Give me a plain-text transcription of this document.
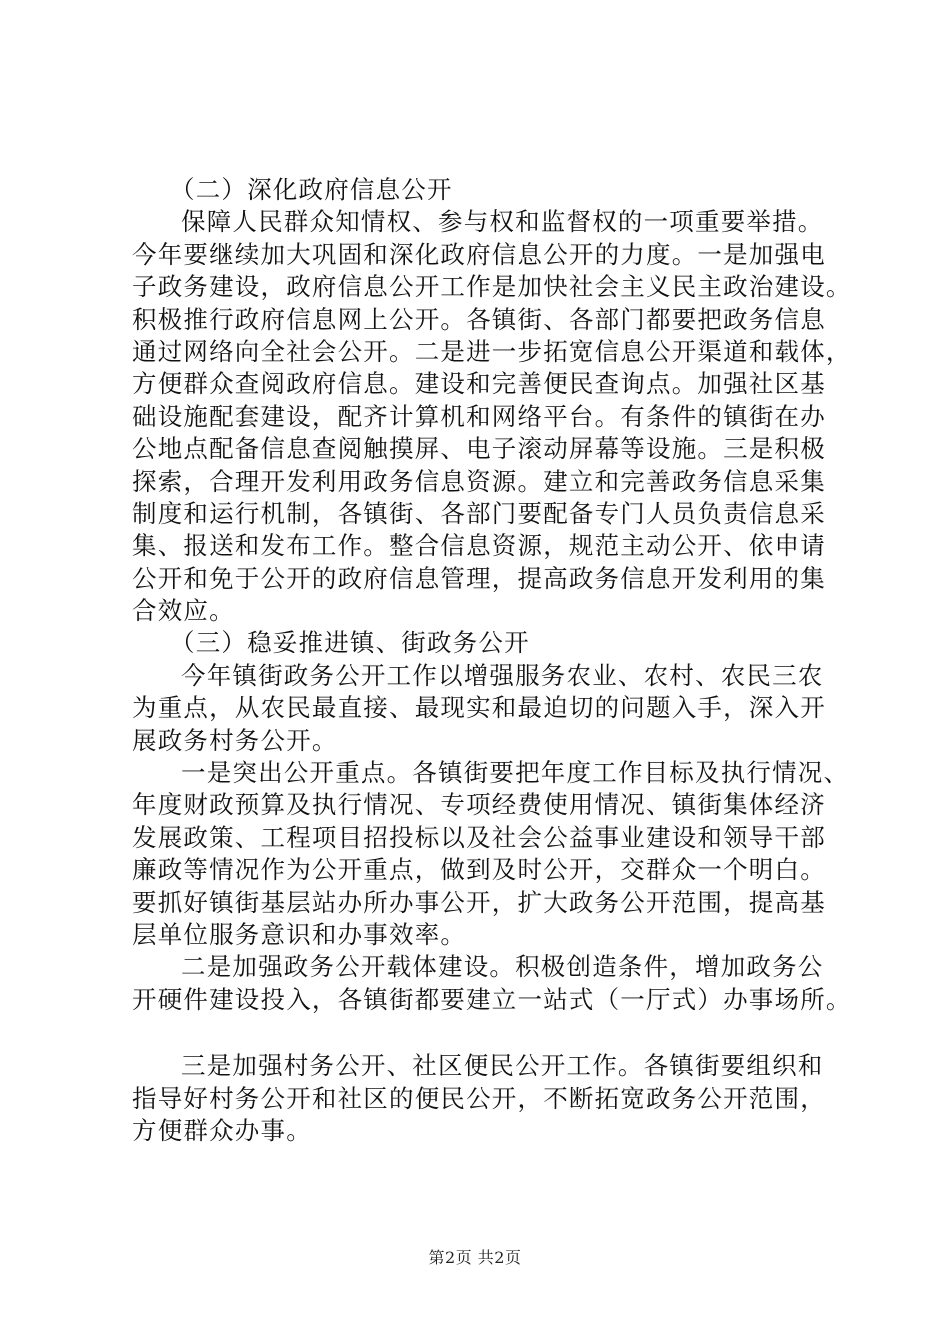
（二）深化政府信息公开
保障人民群众知情权、参与权和监督权的一项重要举措。
今年要继续加大巩固和深化政府信息公开的力度。一是加强电
子政务建设，政府信息公开工作是加快社会主义民主政治建设。
积极推行政府信息网上公开。各镇街、各部门都要把政务信息
通过网络向全社会公开。二是进一步拓宽信息公开渠道和载体，
方便群众查阅政府信息。建设和完善便民查询点。加强社区基
础设施配套建设，配齐计算机和网络平台。有条件的镇街在办
公地点配备信息查阅触摸屏、电子滚动屏幕等设施。三是积极
探索，合理开发利用政务信息资源。建立和完善政务信息采集
制度和运行机制，各镇街、各部门要配备专门人员负责信息采
集、报送和发布工作。整合信息资源，规范主动公开、依申请
公开和免于公开的政府信息管理，提高政务信息开发利用的集
合效应。
（三）稳妥推进镇、街政务公开
今年镇街政务公开工作以增强服务农业、农村、农民三农
为重点，从农民最直接、最现实和最迫切的问题入手，深入开
展政务村务公开。
一是突出公开重点。各镇街要把年度工作目标及执行情况、
年度财政预算及执行情况、专项经费使用情况、镇街集体经济
发展政策、工程项目招投标以及社会公益事业建设和领导干部
廉政等情况作为公开重点，做到及时公开，交群众一个明白。
要抓好镇街基层站办所办事公开，扩大政务公开范围，提高基
层单位服务意识和办事效率。
二是加强政务公开载体建设。积极创造条件，增加政务公
开硬件建设投入，各镇街都要建立一站式（一厅式）办事场所。
三是加强村务公开、社区便民公开工作。各镇街要组织和
指导好村务公开和社区的便民公开，不断拓宽政务公开范围，
方便群众办事。
第2页 共2页
